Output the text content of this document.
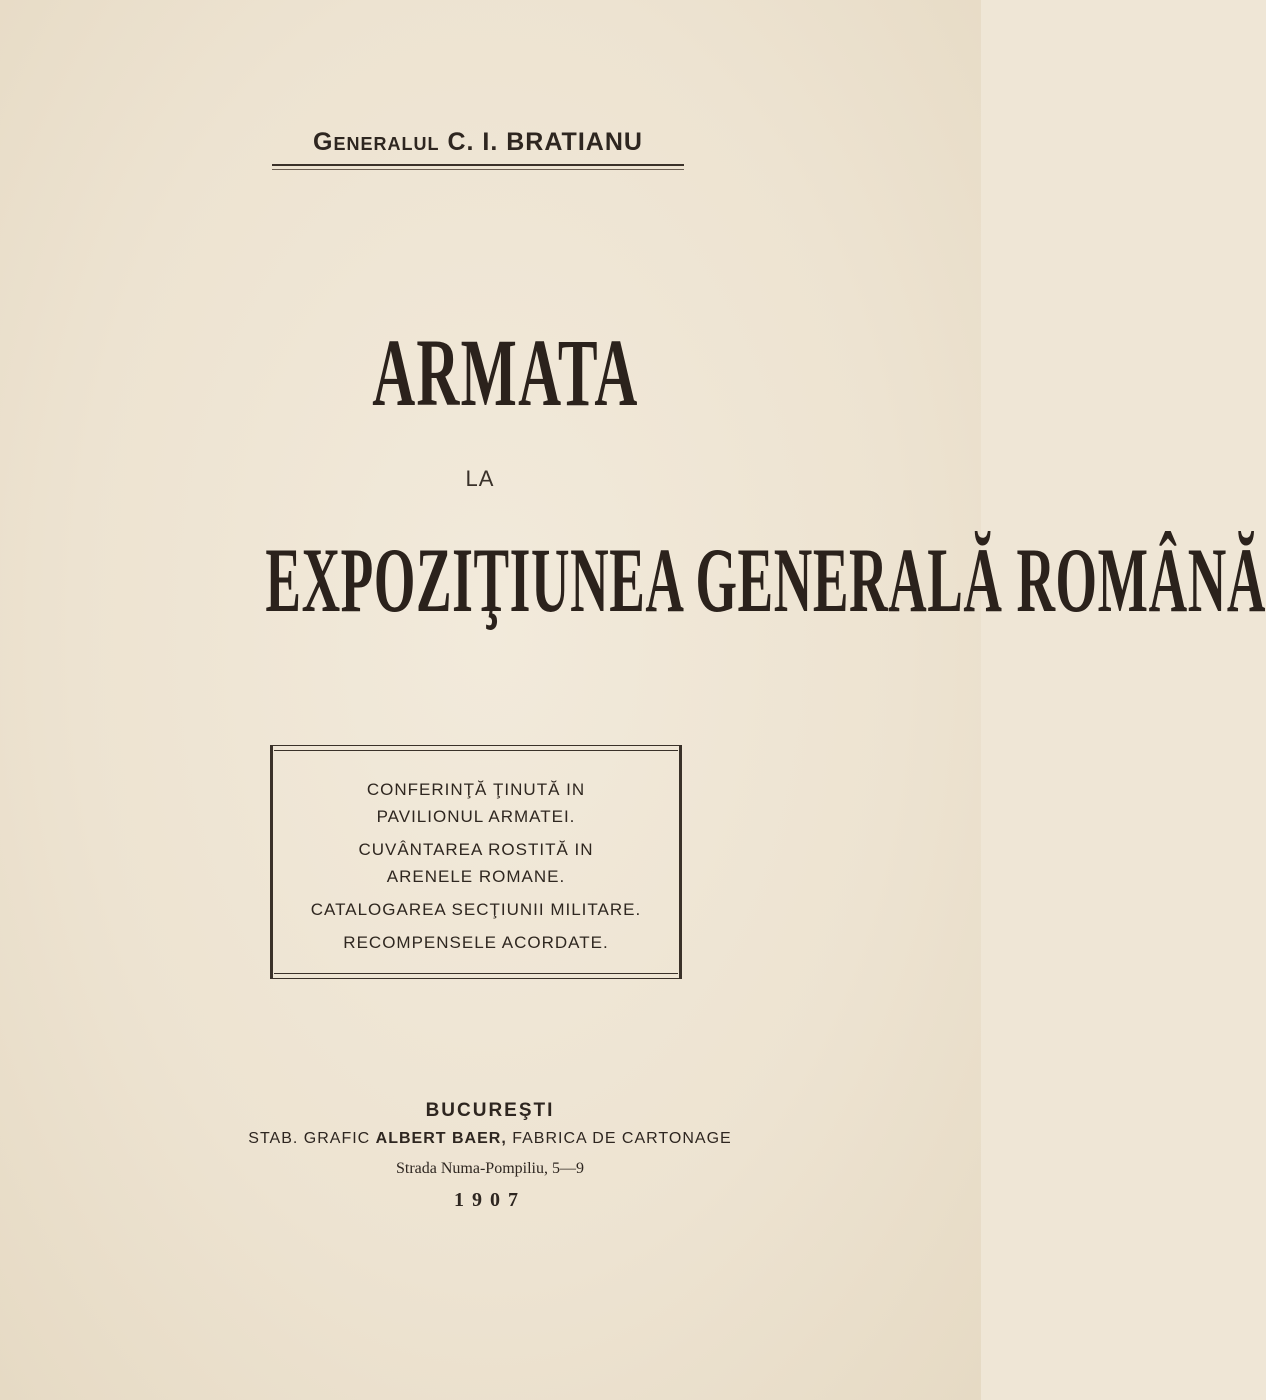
Generalul C. I. BRATIANU
ARMATA
LA
EXPOZIŢIUNEA GENERALĂ ROMÂNĂ
CONFERINŢĂ ŢINUTĂ IN
PAVILIONUL ARMATEI.
CUVÂNTAREA ROSTITĂ IN
ARENELE ROMANE.
CATALOGAREA SECŢIUNII MILITARE.
RECOMPENSELE ACORDATE.
BUCUREŞTI
STAB. GRAFIC ALBERT BAER, FABRICA DE CARTONAGE
Strada Numa-Pompiliu, 5—9
1907
